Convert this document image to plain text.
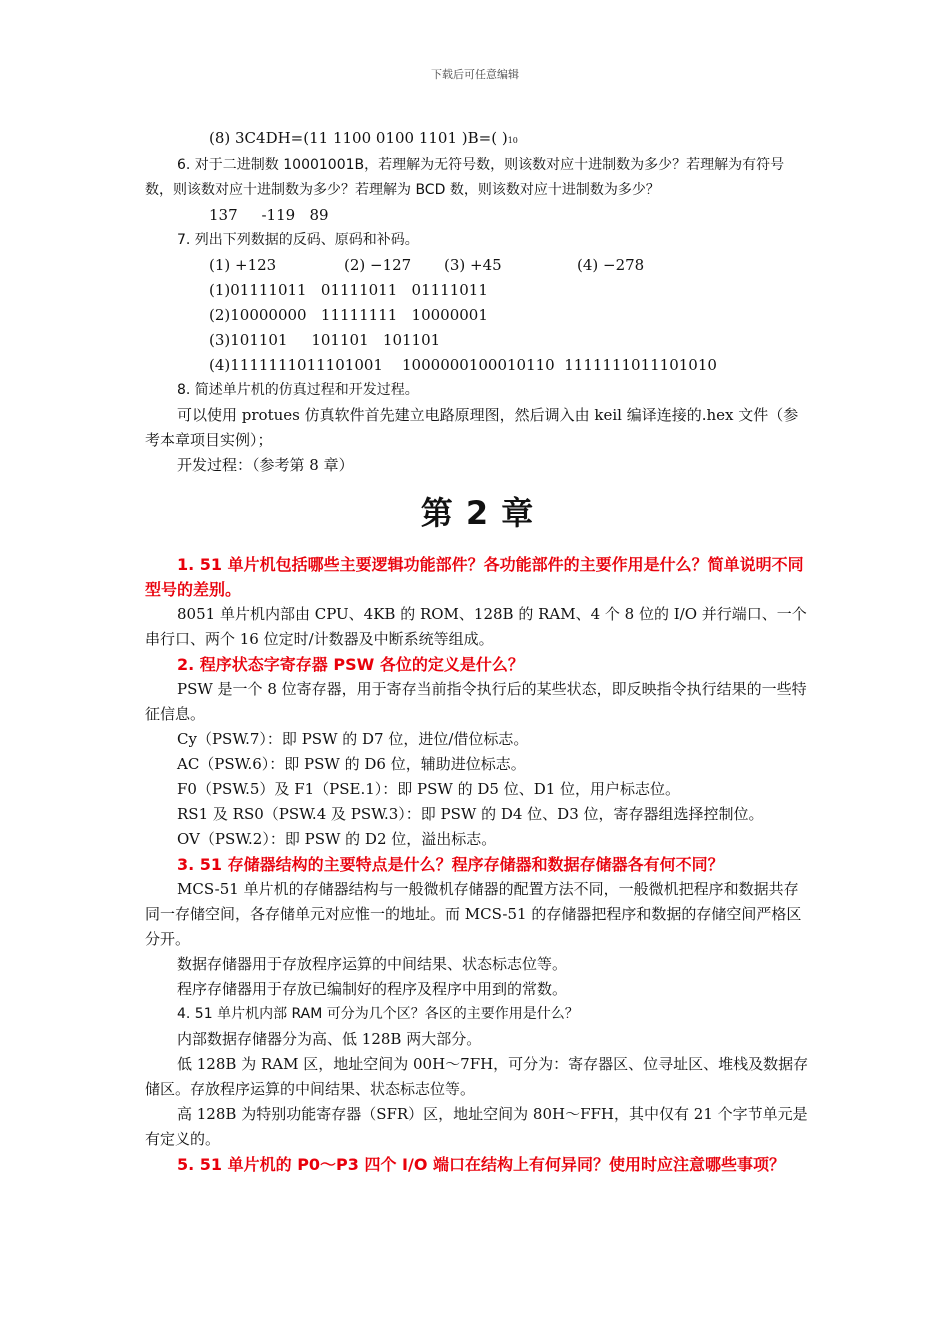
下载后可任意编辑
(8) 3C4DH=(11 1100 0100 1101 )B=( )10
6. 对于二进制数 10001001B，若理解为无符号数，则该数对应十进制数为多少？若理解为有符号数，则该数对应十进制数为多少？若理解为 BCD 数，则该数对应十进制数为多少？
137     -119   89
7. 列出下列数据的反码、原码和补码。
(1) +123	(2) −127 (3) +45	(4) −278
(1)01111011   01111011   01111011
(2)10000000   11111111   10000001
(3)101101     101101   101101
(4)1111111011101001    1000000100010110  1111111011101010
8. 简述单片机的仿真过程和开发过程。
可以使用 protues 仿真软件首先建立电路原理图，然后调入由 keil 编译连接的.hex 文件（参考本章项目实例）；
开发过程：（参考第 8 章）
第 2 章
1. 51 单片机包括哪些主要逻辑功能部件？各功能部件的主要作用是什么？简单说明不同型号的差别。
8051 单片机内部由 CPU、4KB 的 ROM、128B 的 RAM、4 个 8 位的 I/O 并行端口、一个串行口、两个 16 位定时/计数器及中断系统等组成。
2. 程序状态字寄存器 PSW 各位的定义是什么？
PSW 是一个 8 位寄存器，用于寄存当前指令执行后的某些状态，即反映指令执行结果的一些特征信息。
Cy（PSW.7）：即 PSW 的 D7 位，进位/借位标志。
AC（PSW.6）：即 PSW 的 D6 位，辅助进位标志。
F0（PSW.5）及 F1（PSE.1）：即 PSW 的 D5 位、D1 位，用户标志位。
RS1 及 RS0（PSW.4 及 PSW.3）：即 PSW 的 D4 位、D3 位，寄存器组选择控制位。
OV（PSW.2）：即 PSW 的 D2 位，溢出标志。
3. 51 存储器结构的主要特点是什么？程序存储器和数据存储器各有何不同？
MCS-51 单片机的存储器结构与一般微机存储器的配置方法不同，一般微机把程序和数据共存同一存储空间，各存储单元对应惟一的地址。而 MCS-51 的存储器把程序和数据的存储空间严格区分开。
数据存储器用于存放程序运算的中间结果、状态标志位等。
程序存储器用于存放已编制好的程序及程序中用到的常数。
4. 51 单片机内部 RAM 可分为几个区？各区的主要作用是什么？
内部数据存储器分为高、低 128B 两大部分。
低 128B 为 RAM 区，地址空间为 00H～7FH，可分为：寄存器区、位寻址区、堆栈及数据存储区。存放程序运算的中间结果、状态标志位等。
高 128B 为特别功能寄存器（SFR）区，地址空间为 80H～FFH，其中仅有 21 个字节单元是有定义的。
5. 51 单片机的 P0～P3 四个 I/O 端口在结构上有何异同？使用时应注意哪些事项？
